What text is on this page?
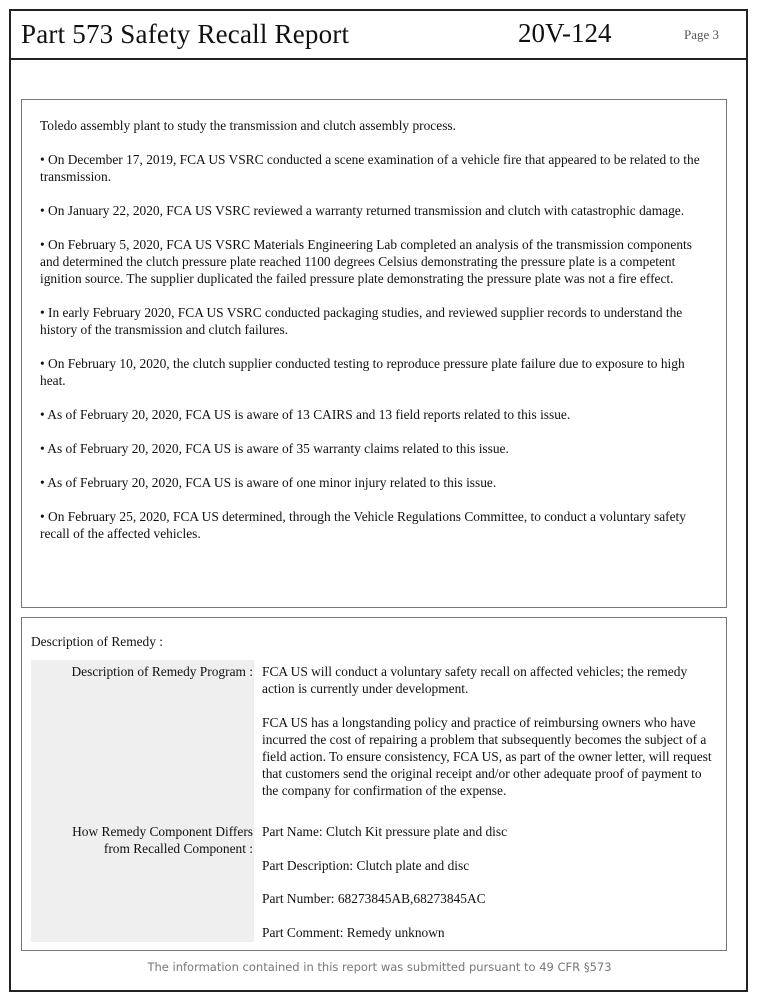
Part 573 Safety Recall Report	20V-124	Page 3

Toledo assembly plant to study the transmission and clutch assembly process.

• On December 17, 2019, FCA US VSRC conducted a scene examination of a vehicle fire that appeared to be related to the transmission.

• On January 22, 2020, FCA US VSRC reviewed a warranty returned transmission and clutch with catastrophic damage.

• On February 5, 2020, FCA US VSRC Materials Engineering Lab completed an analysis of the transmission components and determined the clutch pressure plate reached 1100 degrees Celsius demonstrating the pressure plate is a competent ignition source. The supplier duplicated the failed pressure plate demonstrating the pressure plate was not a fire effect.

• In early February 2020, FCA US VSRC conducted packaging studies, and reviewed supplier records to understand the history of the transmission and clutch failures.

• On February 10, 2020, the clutch supplier conducted testing to reproduce pressure plate failure due to exposure to high heat.

• As of February 20, 2020, FCA US is aware of 13 CAIRS and 13 field reports related to this issue.

• As of February 20, 2020, FCA US is aware of 35 warranty claims related to this issue.

• As of February 20, 2020, FCA US is aware of one minor injury related to this issue.

• On February 25, 2020, FCA US determined, through the Vehicle Regulations Committee, to conduct a voluntary safety recall of the affected vehicles.

Description of Remedy :
Description of Remedy Program :
How Remedy Component Differs
from Recalled Component :
FCA US will conduct a voluntary safety recall on affected vehicles; the remedy action is currently under development.
FCA US has a longstanding policy and practice of reimbursing owners who have incurred the cost of repairing a problem that subsequently becomes the subject of a field action. To ensure consistency, FCA US, as part of the owner letter, will request that customers send the original receipt and/or other adequate proof of payment to the company for confirmation of the expense.
Part Name: Clutch Kit pressure plate and disc
Part Description: Clutch plate and disc
Part Number: 68273845AB,68273845AC
Part Comment: Remedy unknown
The information contained in this report was submitted pursuant to 49 CFR §573
